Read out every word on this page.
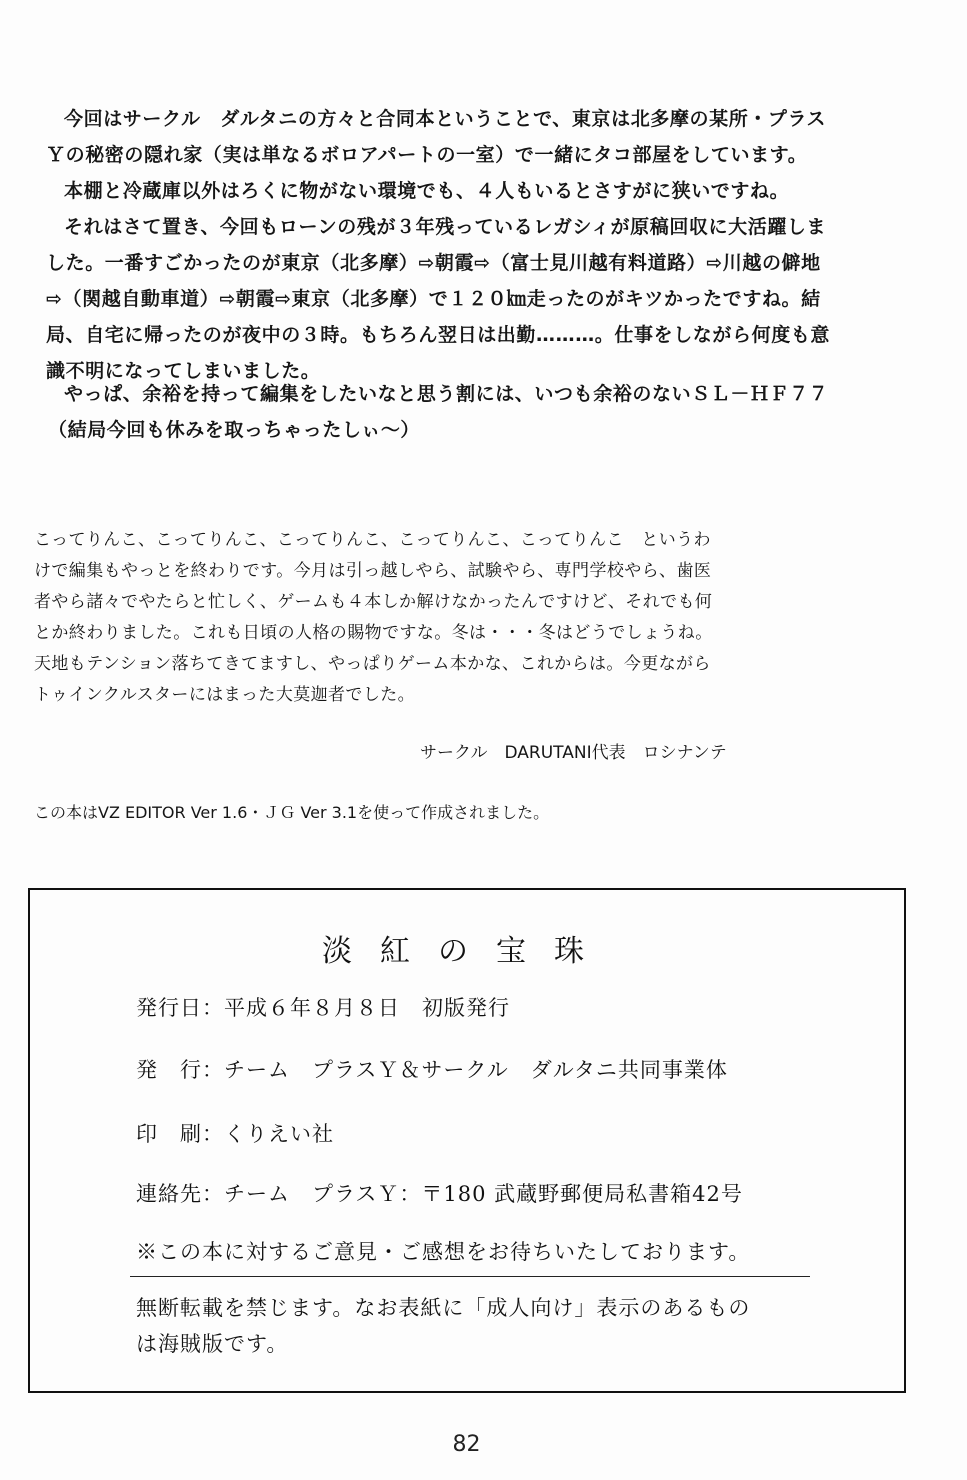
今回はサークル　ダルタニの方々と合同本ということで、東京は北多摩の某所・プラス
Ｙの秘密の隠れ家（実は単なるボロアパートの一室）で一緒にタコ部屋をしています。
本棚と冷蔵庫以外はろくに物がない環境でも、４人もいるとさすがに狭いですね。
それはさて置き、今回もローンの残が３年残っているレガシィが原稿回収に大活躍しま
した。一番すごかったのが東京（北多摩）⇨朝霞⇨（富士見川越有料道路）⇨川越の僻地
⇨（関越自動車道）⇨朝霞⇨東京（北多摩）で１２０㎞走ったのがキツかったですね。結
局、自宅に帰ったのが夜中の３時。もちろん翌日は出勤………。仕事をしながら何度も意
識不明になってしまいました。
やっぱ、余裕を持って編集をしたいなと思う割には、いつも余裕のないＳＬ－ＨＦ７７
（結局今回も休みを取っちゃったしぃ～）
こってりんこ、こってりんこ、こってりんこ、こってりんこ、こってりんこ　というわ
けで編集もやっとを終わりです。今月は引っ越しやら、試験やら、専門学校やら、歯医
者やら諸々でやたらと忙しく、ゲームも４本しか解けなかったんですけど、それでも何
とか終わりました。これも日頃の人格の賜物ですな。冬は・・・冬はどうでしょうね。
天地もテンション落ちてきてますし、やっぱりゲーム本かな、これからは。今更ながら
トゥインクルスターにはまった大莫迦者でした。
サークル　DARUTANI代表　ロシナンテ
この本はVZ EDITOR Ver 1.6・ＪＧ Ver 3.1を使って作成されました。
淡紅の宝珠
発行日：平成６年８月８日　初版発行
発　行：チーム　プラスＹ＆サークル　ダルタニ共同事業体
印　刷：くりえい社
連絡先：チーム　プラスＹ：〒180 武蔵野郵便局私書箱42号
※この本に対するご意見・ご感想をお待ちいたしております。
無断転載を禁じます。なお表紙に「成人向け」表示のあるもの
は海賊版です。
82
